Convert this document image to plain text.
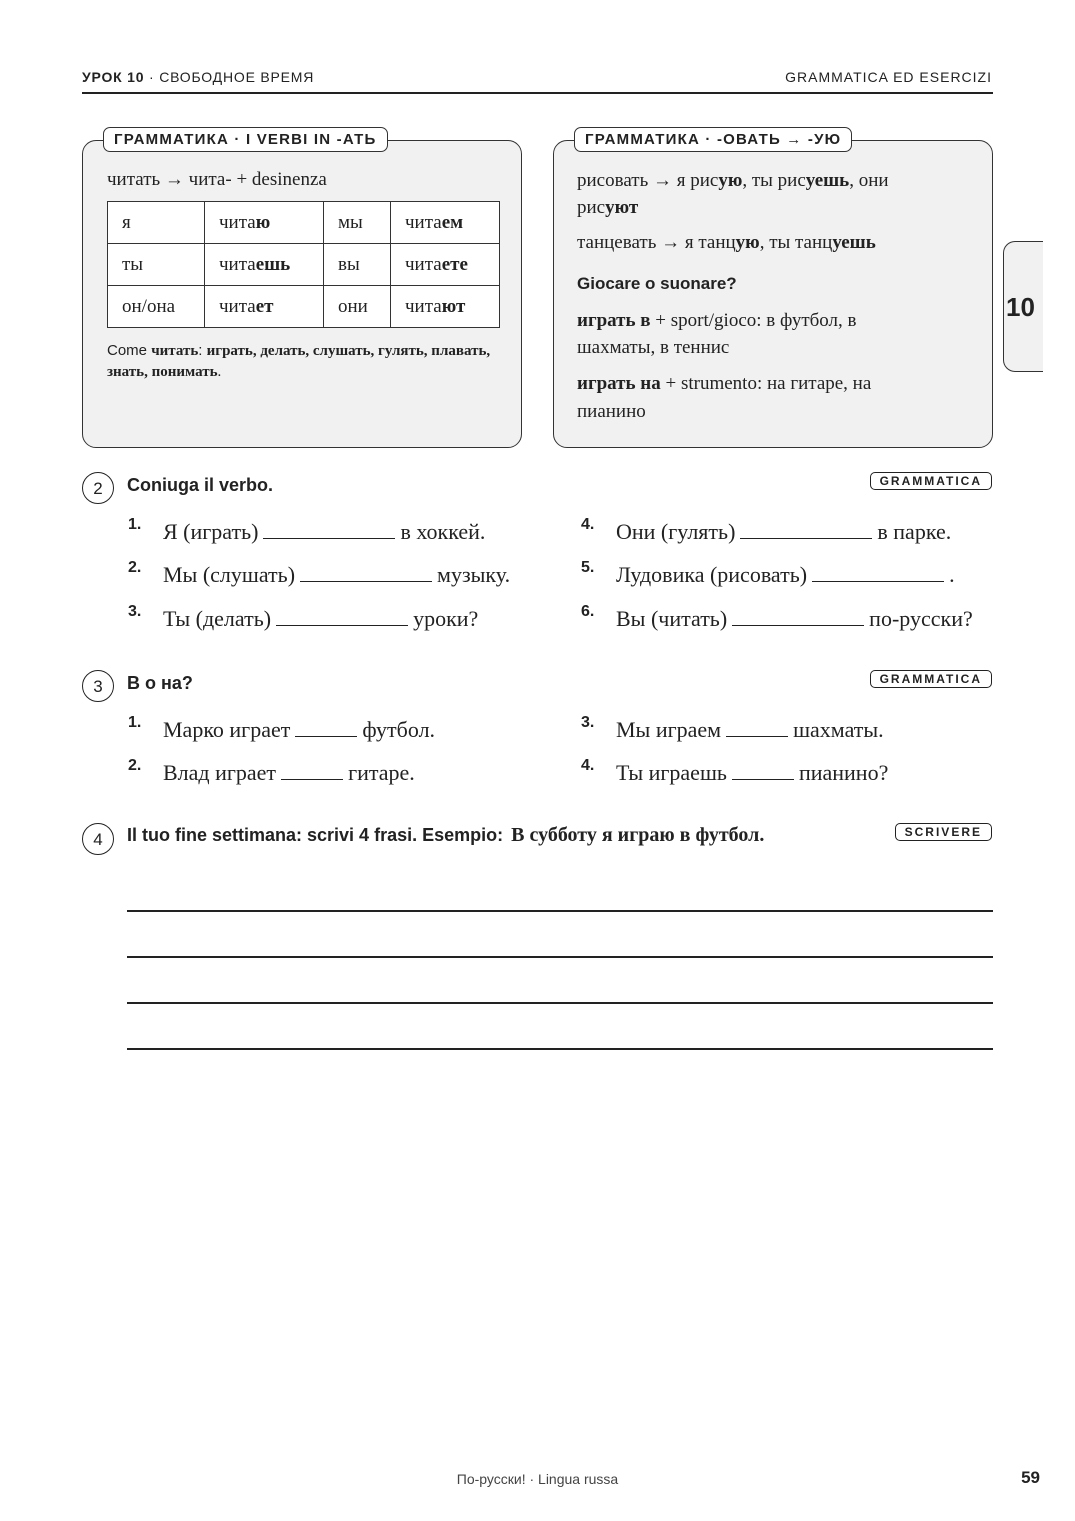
УРОК 10 · СВОБОДНОЕ ВРЕМЯ	GRAMMATICA ED ESERCIZI
ГРАММАТИКА · I VERBI IN -АТЬ
читать → чита- + desinenza
я	читаю	мы	читаем
ты	читаешь	вы	читаете
он/она	читает	они	читают
Come читать: играть, делать, слушать, гулять, плавать, знать, понимать.
ГРАММАТИКА · -ОВАТЬ → -УЮ
рисовать → я рисую, ты рисуешь, они
рисуют
танцевать → я танцую, ты танцуешь
Giocare o suonare?
играть в + sport/gioco: в футбол, в
шахматы, в теннис
играть на + strumento: на гитаре, на
пианино
10
2	Coniuga il verbo.	GRAMMATICA
1. Я (играть)	в хоккей.
2. Мы (слушать)	музыку.
3. Ты (делать)	уроки?
4. Они (гулять)	в парке.
5. Лудовика (рисовать)	.
6. Вы (читать)	по-русски?
3	В о на?	GRAMMATICA
1. Марко играет	футбол.
2. Влад играет	гитаре.
3. Мы играем	шахматы.
4. Ты играешь	пианино?
4	Il tuo fine settimana: scrivi 4 frasi. Esempio: В субботу я играю в футбол.	SCRIVERE
По-русски! · Lingua russa	59
